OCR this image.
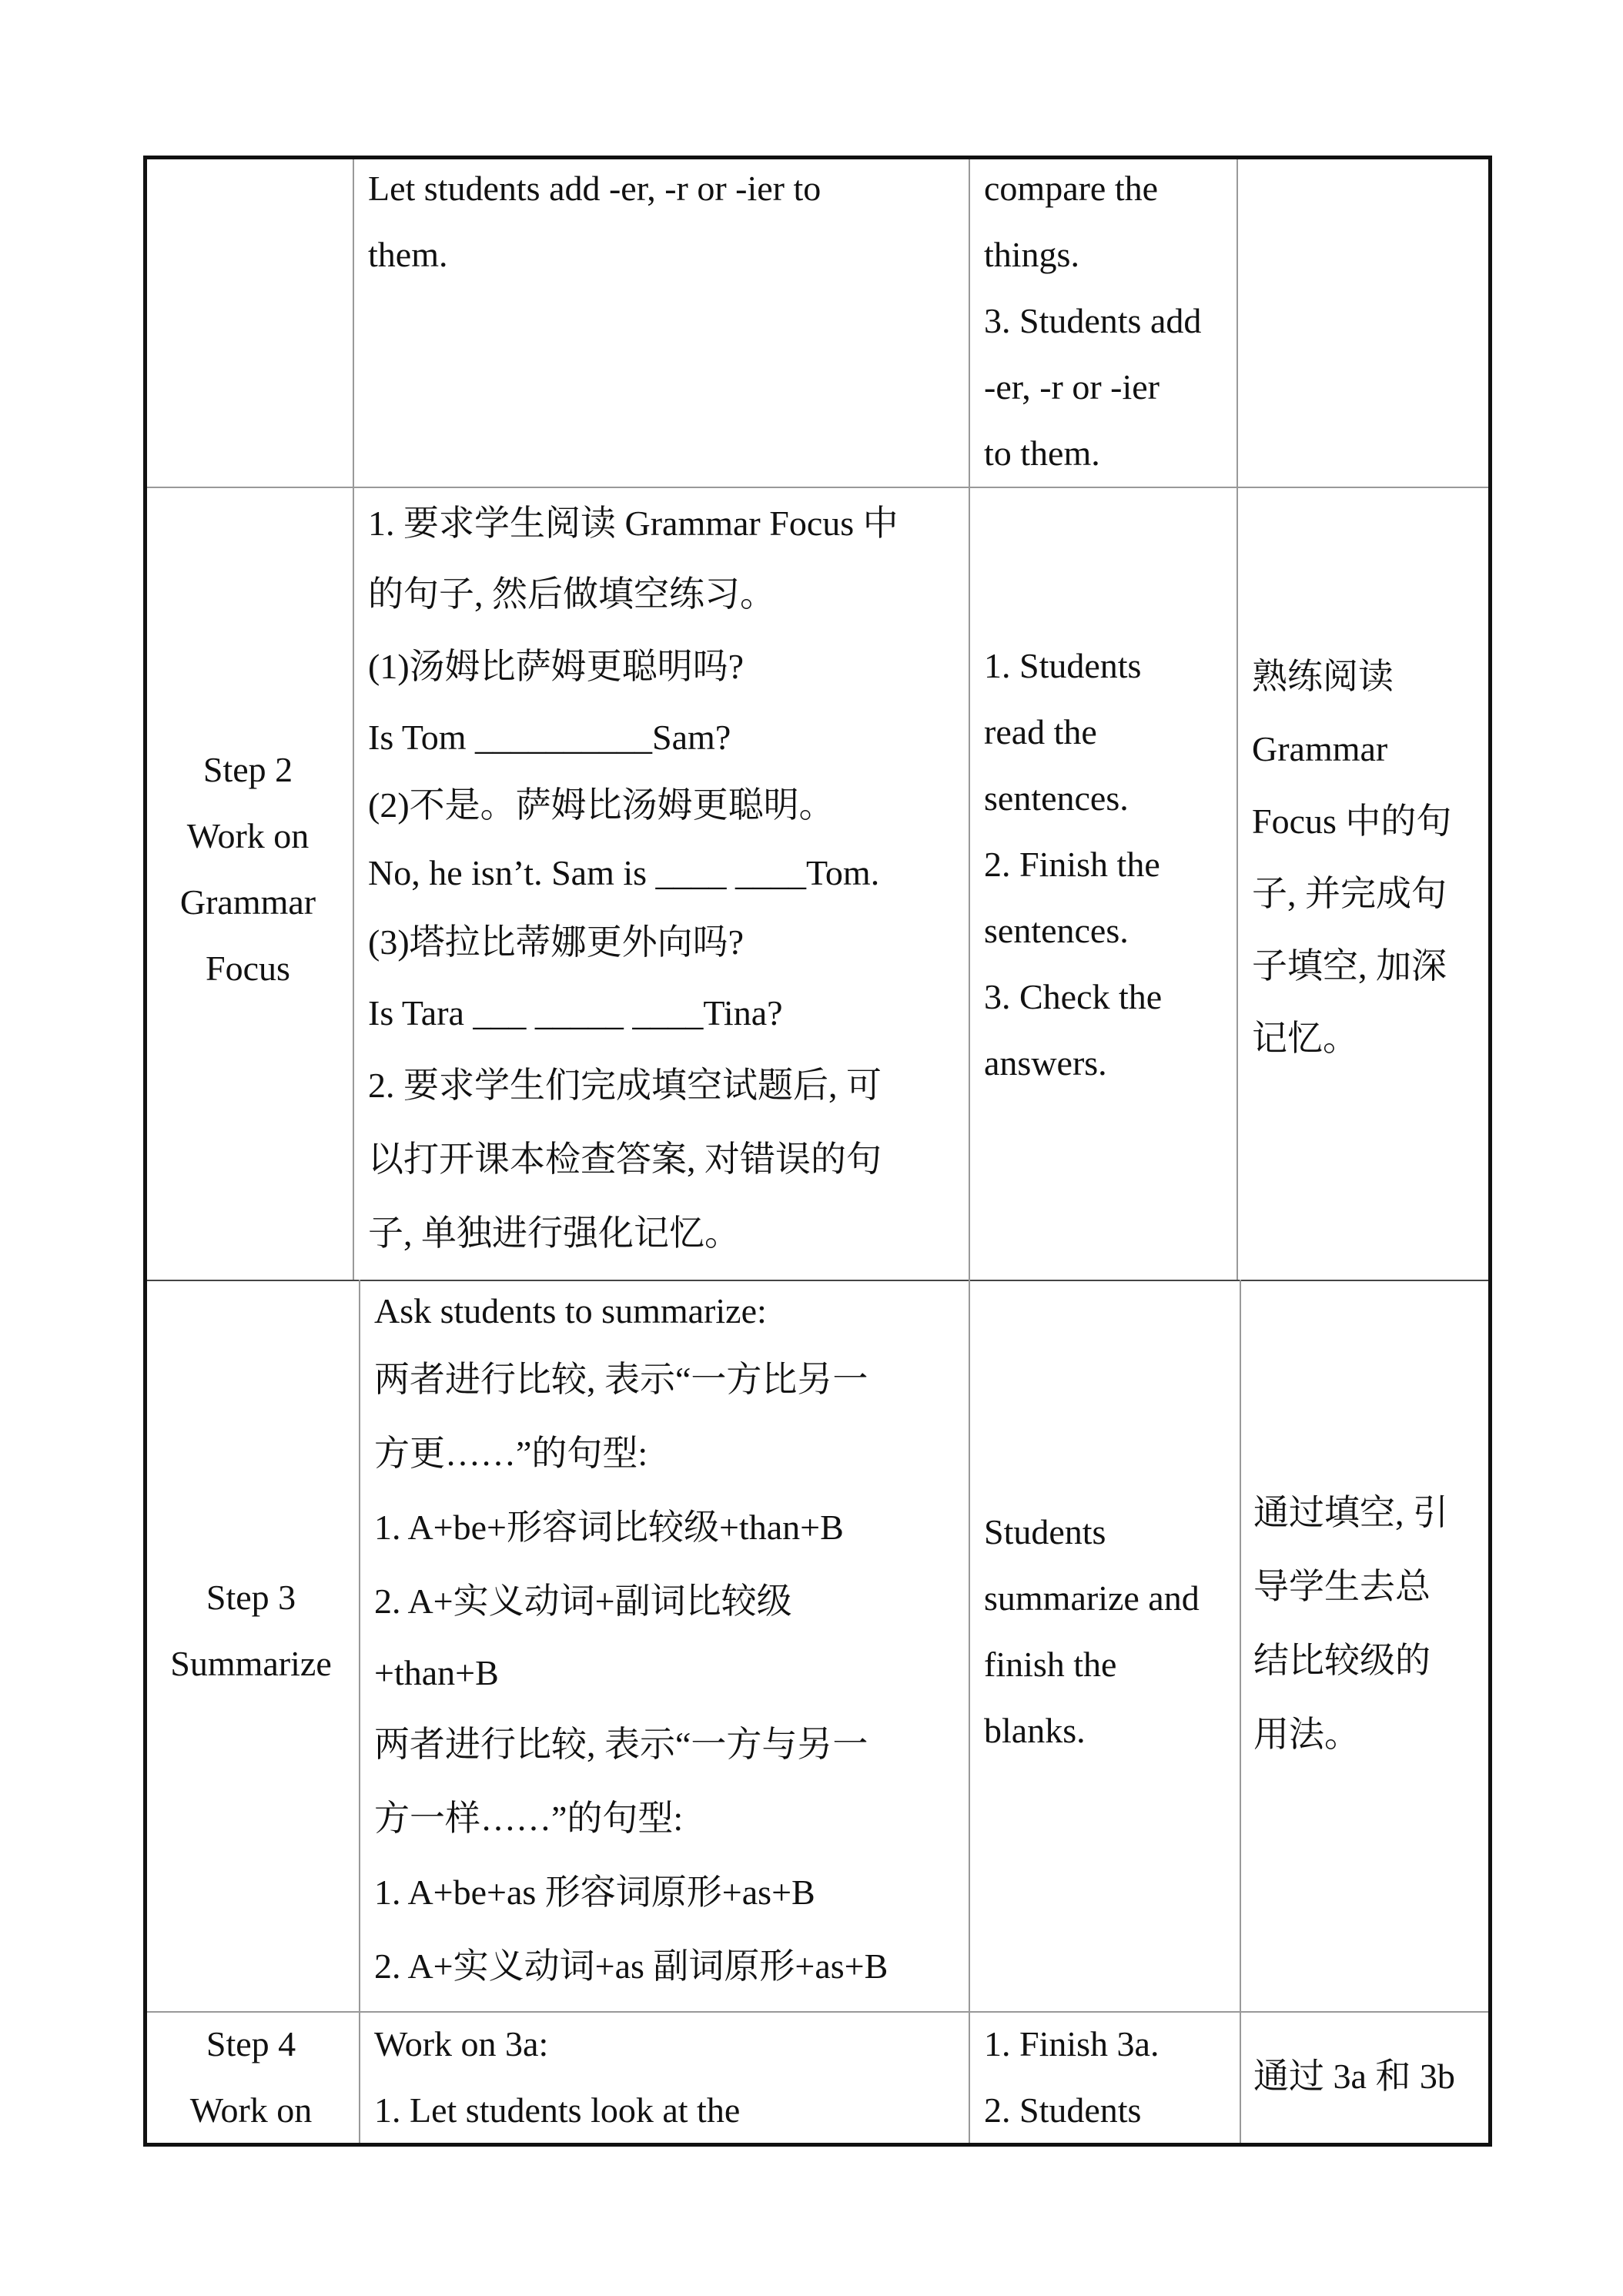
Let students add -er, -r or -ier to
them.
compare the
things.
3. Students add
-er, -r or -ier
to them.
Step 2
Work on
Grammar
Focus
1. 要求学生阅读 Grammar Focus 中
的句子, 然后做填空练习。
(1)汤姆比萨姆更聪明吗?
Is Tom __________Sam?
(2)不是。萨姆比汤姆更聪明。
No, he isn’t. Sam is ____ ____Tom.
(3)塔拉比蒂娜更外向吗?
Is Tara ___ _____ ____Tina?
2. 要求学生们完成填空试题后, 可
以打开课本检查答案, 对错误的句
子, 单独进行强化记忆。
1. Students
read the
sentences.
2. Finish the
sentences.
3. Check the
answers.
熟练阅读
Grammar
Focus 中的句
子, 并完成句
子填空, 加深
记忆。
Step 3
Summarize
Ask students to summarize:
两者进行比较, 表示“一方比另一
方更……”的句型:
1. A+be+形容词比较级+than+B
2. A+实义动词+副词比较级
+than+B
两者进行比较, 表示“一方与另一
方一样……”的句型:
1. A+be+as 形容词原形+as+B
2. A+实义动词+as 副词原形+as+B
Students
summarize and
finish the
blanks.
通过填空, 引
导学生去总
结比较级的
用法。
Step 4
Work on
Work on 3a:
1. Let students look at the
1. Finish 3a.
2. Students
通过 3a 和 3b
